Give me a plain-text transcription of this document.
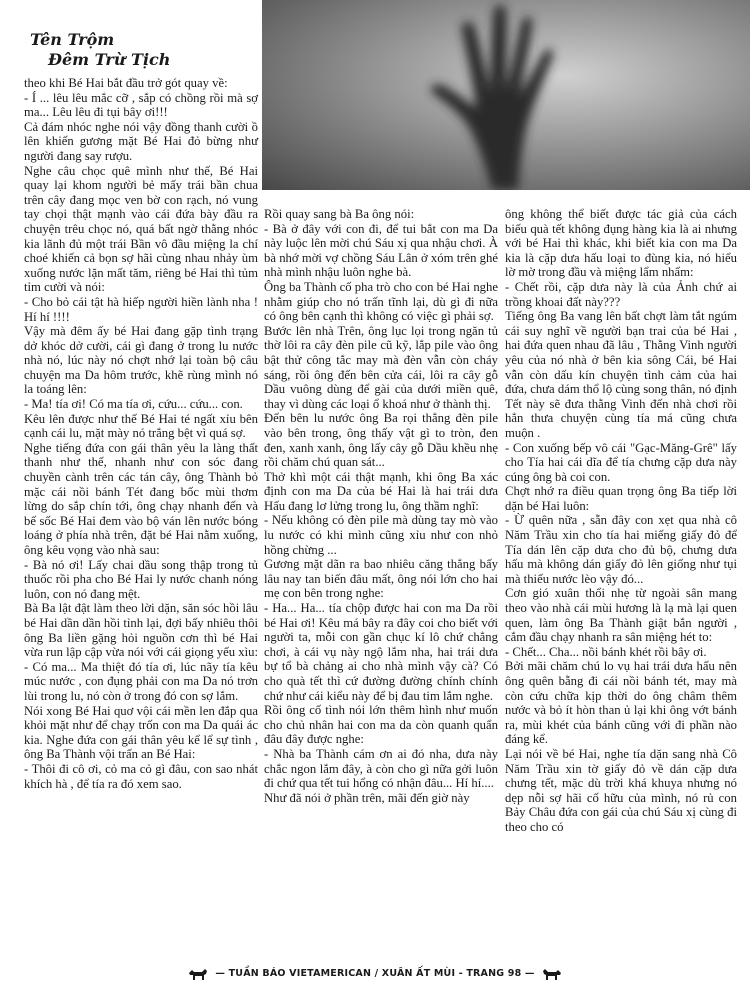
Tên Trộm
Đêm Trừ Tịch

theo khi Bé Hai bắt đầu trở gót quay về:

- Í ... lêu lêu mắc cỡ , sắp có chồng rồi mà sợ ma... Lêu lêu đi tụi bây ơi!!!

Cả đám nhóc nghe nói vậy đồng thanh cười ồ lên khiến gương mặt Bé Hai đỏ bừng như người đang say rượu.

Nghe câu chọc quê mình như thế, Bé Hai quay lại khom người bẻ mấy trái bần chua trên cây đang mọc ven bờ con rạch, nó vung tay chọi thật mạnh vào cái đứa bày đầu ra chuyện trêu chọc nó, quá bất ngờ thằng nhóc kia lãnh đủ một trái Bần vô đầu miệng la chí choé khiến cả bọn sợ hãi cùng nhau nhảy ùm xuống nước lặn mất tăm, riêng bé Hai thì tủm tỉm cười và nói:

- Cho bỏ cái tật hà hiếp người hiền lành nha ! Hí hí !!!!

Vậy mà đêm ấy bé Hai đang gặp tình trạng dở khóc dở cười, cái gì đang ở trong lu nước nhà nó, lúc này nó chợt nhớ lại toàn bộ câu chuyện ma Da hôm trước, khẽ rùng mình nó la toáng lên:

- Ma! tía ơi! Có ma tía ơi, cứu... cứu... con.

Kêu lên được như thế Bé Hai té ngất xỉu bên cạnh cái lu, mặt mày nó trắng bệt vì quá sợ.

Nghe tiếng đứa con gái thân yêu la làng thất thanh như thế, nhanh như con sóc đang chuyền cành trên các tán cây, ông Thành bỏ mặc cái nồi bánh Tét đang bốc mùi thơm lừng do sắp chín tới, ông chạy nhanh đến và bế sốc Bé Hai đem vào bộ ván lên nước bóng loáng ở phía nhà trên, đặt bé Hai nằm xuống, ông kêu vọng vào nhà sau:

- Bà nó ơi! Lấy chai dầu song thập trong tủ thuốc rồi pha cho Bé Hai ly nước chanh nóng luôn, con nó đang mệt.

Bà Ba lật đật làm theo lời dặn, săn sóc hồi lâu bé Hai dần dần hồi tỉnh lại, đợi bấy nhiêu thôi ông Ba liền gặng hỏi nguồn cơn thì bé Hai vừa run lập cập vừa nói với cái giọng yếu xìu:

- Có ma... Ma thiệt đó tía ơi, lúc nãy tía kêu múc nước , con đụng phải con ma Da nó trơn lùi trong lu, nó còn ở trong đó con sợ lắm.

Nói xong Bé Hai quơ vội cái mền len đắp qua khỏi mặt như để chạy trốn con ma Da quái ác kia. Nghe đứa con gái thân yêu kể lể sự tình , ông Ba Thành vội trấn an Bé Hai:

- Thôi đi cô ơi, cỏ ma cỏ gì đâu, con sao nhát khích hà , để tía ra đó xem sao.

Rồi quay sang bà Ba ông nói:

- Bà ở đây với con đi, để tui bắt con ma Da này luộc lên mời chú Sáu xị qua nhậu chơi. À bà nhớ mời vợ chồng Sáu Lân ở xóm trên ghé nhà mình nhậu luôn nghe bà.

Ông ba Thành cố pha trò cho con bé Hai nghe nhằm giúp cho nó trấn tĩnh lại, dù gì đi nữa có ông bên cạnh thì không có việc gì phải sợ.

Bước lên nhà Trên, ông lục lọi trong ngăn tủ thờ lôi ra cây đèn pile cũ kỹ, lắp pile vào ông bật thử công tắc may mà đèn vẫn còn cháy sáng, rồi ông đến bên cửa cái, lôi ra cây gỗ Dầu vuông dùng để gài của dưới miền quê, thay vì dùng các loại ổ khoá như ở thành thị.

Đến bên lu nước ông Ba rọi thẳng đèn pile vào bên trong, ông thấy vật gì to tròn, đen đen, xanh xanh, ông lấy cây gỗ Dầu khều nhẹ rồi chăm chú quan sát...

Thở khì một cái thật mạnh, khi ông Ba xác định con ma Da của bé Hai là hai trái dưa Hấu đang lơ lửng trong lu, ông thầm nghĩ:

- Nếu không có đèn pile mà dùng tay mò vào lu nước có khi mình cũng xỉu như con nhỏ hồng chừng ...

Gương mặt dãn ra bao nhiêu căng thẳng bấy lâu nay tan biến đâu mất, ông nói lớn cho hai mẹ con bên trong nghe:

- Ha... Ha... tía chộp được hai con ma Da rồi bé Hai ơi! Kêu má bây ra đây coi cho biết với người ta, mỗi con gần chục kí lô chứ chẳng chơi, à cái vụ này ngộ lắm nha, hai trái dưa bự tổ bà chảng ai cho nhà mình vậy cà? Có cho quà tết thì cứ đường đường chính chính chứ như cái kiểu này để bị đau tim lắm nghe.

Rồi ông cố tình nói lớn thêm hình như muốn cho chủ nhân hai con ma da còn quanh quẩn đâu đây được nghe:

- Nhà ba Thành cám ơn ai đó nha, dưa này chắc ngon lắm đây, à còn cho gì nữa gởi luôn đi chứ qua tết tui hổng có nhận đâu... Hí hí....

Như đã nói ở phần trên, mãi đến giờ này

ông không thể biết được tác giả của cách biếu quà tết không đụng hàng kia là ai nhưng với bé Hai thì khác, khi biết kia con ma Da kia là cặp dưa hấu loại to đùng kia, nó hiểu lờ mờ trong đầu và miệng lẩm nhẩm:

- Chết rồi, cặp dưa này là của Ảnh chứ ai trồng khoai đất này???

Tiếng ông Ba vang lên bất chợt làm tắt ngúm cái suy nghĩ về người bạn trai của bé Hai , hai đứa quen nhau đã lâu , Thằng Vinh người yêu của nó nhà ở bên kia sông Cái, bé Hai vẫn còn dấu kín chuyện tình cảm của hai đứa, chưa dám thổ lộ cùng song thân, nó định Tết này sẽ đưa thằng Vinh đến nhà chơi rồi hẳn thưa chuyện cùng tía má cũng chưa muộn .

- Con xuống bếp vô cái "Gạc-Măng-Grê" lấy cho Tía hai cái dĩa để tía chưng cặp dưa này cúng ông bà coi con.

Chợt nhớ ra điều quan trọng ông Ba tiếp lời dặn bé Hai luôn:

- Ừ quên nữa , sẵn đây con xẹt qua nhà cô Năm Trầu xin cho tía hai miếng giấy đỏ để Tía dán lên cặp dưa cho đủ bộ, chưng dưa hấu mà không dán giấy đỏ lên giống như tụi mà thiếu nước lèo vậy đó...

Cơn gió xuân thổi nhẹ từ ngoài sân mang theo vào nhà cái mùi hương là lạ mà lại quen quen, làm ông Ba Thành giật bắn người , cắm đầu chạy nhanh ra sân miệng hét to:

- Chết... Cha... nồi bánh khét rồi bây ơi.

Bởi mãi chăm chú lo vụ hai trái dưa hấu nên ông quên bẵng đi cái nồi bánh tét, may mà còn cứu chữa kịp thời do ông châm thêm nước và bỏ ít hòn than ủ lại khi ông vớt bánh ra, mùi khét của bánh cũng với đi phần nào đáng kể.

Lại nói về bé Hai, nghe tía dặn sang nhà Cô Năm Trầu xin tờ giấy đỏ về dán cặp dưa chưng tết, mặc dù trời khá khuya nhưng nó dẹp nỗi sợ hãi cố hữu của mình, nó rủ con Bảy Châu đứa con gái của chú Sáu xị cùng đi theo cho có

— TUẦN BÁO VIETAMERICAN / XUÂN ẤT MÙI - TRANG 98 —
